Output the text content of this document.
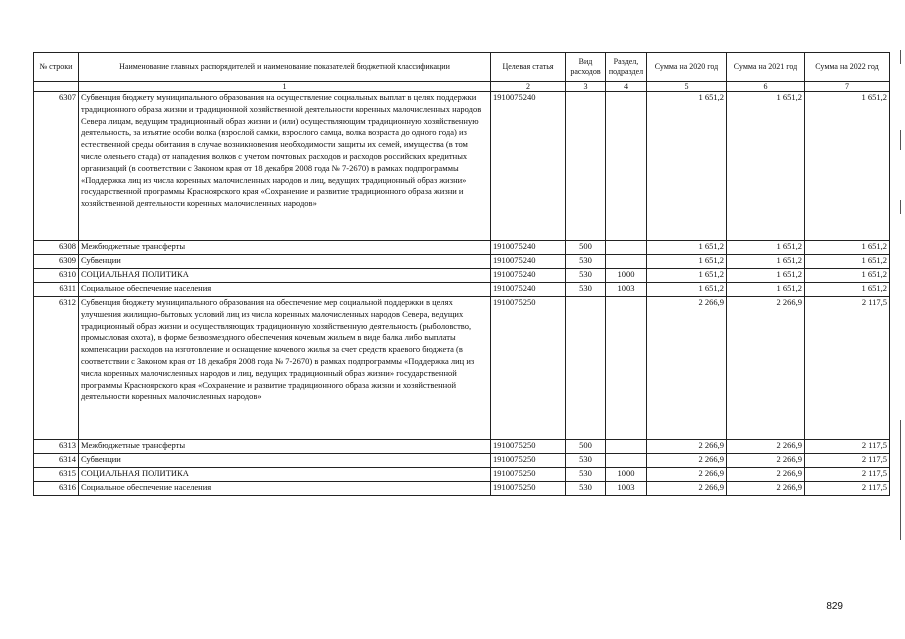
№ строки	Наименование главных распорядителей и наименование показателей бюджетной классификации	Целевая статья	Вид расходов	Раздел, подраздел	Сумма на 2020 год	Сумма на 2021 год	Сумма на 2022 год
	1	2	3	4	5	6	7
6307	Субвенция бюджету муниципального образования на осуществление социальных выплат в целях поддержки традиционного образа жизни и традиционной хозяйственной деятельности коренных малочисленных народов Севера лицам, ведущим традиционный образ жизни и (или) осуществляющим традиционную хозяйственную деятельность, за изъятие особи волка (взрослой самки, взрослого самца, волка возраста до одного года) из естественной среды обитания в случае возникновения необходимости защиты их семей, имущества (в том числе оленьего стада) от нападения волков с учетом почтовых расходов и расходов российских кредитных организаций (в соответствии с Законом края от 18 декабря 2008 года № 7-2670) в рамках подпрограммы «Поддержка лиц из числа коренных малочисленных народов и лиц, ведущих традиционный образ жизни» государственной программы Красноярского края «Сохранение и развитие традиционного образа жизни и хозяйственной деятельности коренных малочисленных народов»	1910075240			1 651,2	1 651,2	1 651,2
6308	Межбюджетные трансферты	1910075240	500		1 651,2	1 651,2	1 651,2
6309	Субвенции	1910075240	530		1 651,2	1 651,2	1 651,2
6310	СОЦИАЛЬНАЯ ПОЛИТИКА	1910075240	530	1000	1 651,2	1 651,2	1 651,2
6311	Социальное обеспечение населения	1910075240	530	1003	1 651,2	1 651,2	1 651,2
6312	Субвенция бюджету муниципального образования на обеспечение мер социальной поддержки в целях улучшения жилищно-бытовых условий лиц из числа коренных малочисленных народов Севера, ведущих традиционный образ жизни и осуществляющих традиционную хозяйственную деятельность (рыболовство, промысловая охота), в форме безвозмездного обеспечения кочевым жильем в виде балка либо выплаты компенсации расходов на изготовление и оснащение кочевого жилья за счет средств краевого бюджета (в соответствии с Законом края от 18 декабря 2008 года № 7-2670) в рамках подпрограммы «Поддержка лиц из числа коренных малочисленных народов и лиц, ведущих традиционный образ жизни» государственной программы Красноярского края «Сохранение и развитие традиционного образа жизни и хозяйственной деятельности коренных малочисленных народов»	1910075250			2 266,9	2 266,9	2 117,5
6313	Межбюджетные трансферты	1910075250	500		2 266,9	2 266,9	2 117,5
6314	Субвенции	1910075250	530		2 266,9	2 266,9	2 117,5
6315	СОЦИАЛЬНАЯ ПОЛИТИКА	1910075250	530	1000	2 266,9	2 266,9	2 117,5
6316	Социальное обеспечение населения	1910075250	530	1003	2 266,9	2 266,9	2 117,5
829
